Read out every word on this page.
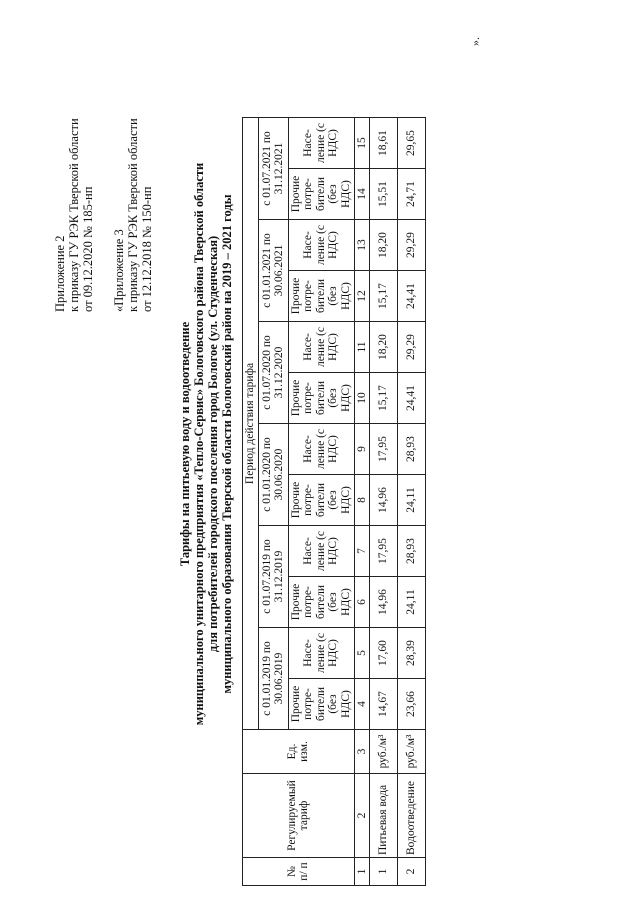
Приложение 2 к приказу ГУ РЭК Тверской области от 09.12.2020 № 185-нп «Приложение 3 к приказу ГУ РЭК Тверской области от 12.12.2018 № 150-нп
Тарифы на питьевую воду и водоотведение муниципального унитарного предприятия «Тепло-Сервис» Бологовского района Тверской области для потребителей городского поселения город Бологое (ул. Студенческая) муниципального образования Тверской области Бологовский район на 2019 – 2021 годы
№ п/ п	Регулируемый тариф	Ед. изм.	Период действия тарифа											
			с 01.01.2019 по 30.06.2019		с 01.07.2019 по 31.12.2019		с 01.01.2020 по 30.06.2020		с 01.07.2020 по 31.12.2020		с 01.01.2021 по 30.06.2021		с 01.07.2021 по 31.12.2021	
			Прочие потре- бители (без НДС)	Насе- ление (с НДС)	Прочие потре- бители (без НДС)	Насе- ление (с НДС)	Прочие потре- бители (без НДС)	Насе- ление (с НДС)	Прочие потре- бители (без НДС)	Насе- ление (с НДС)	Прочие потре- бители (без НДС)	Насе- ление (с НДС)	Прочие потре- бители (без НДС)	Насе- ление (с НДС)
1	2	3	4	5	6	7	8	9	10	11	12	13	14	15
1	Питьевая вода	руб./м³	14,67	17,60	14,96	17,95	14,96	17,95	15,17	18,20	15,17	18,20	15,51	18,61
2	Водоотведение	руб./м³	23,66	28,39	24,11	28,93	24,11	28,93	24,41	29,29	24,41	29,29	24,71	29,65
».
